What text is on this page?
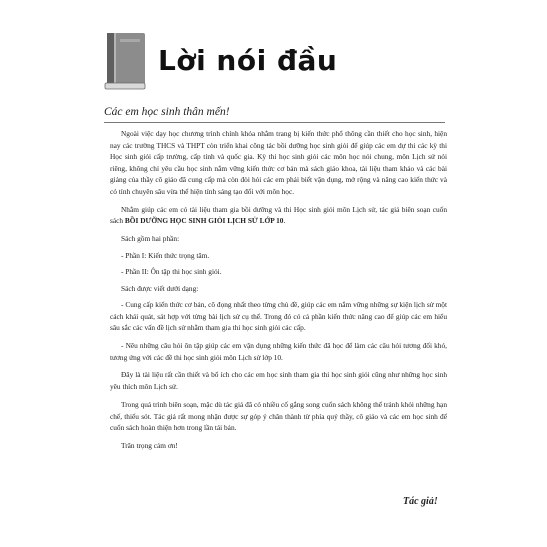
Lời nói đầu
Các em học sinh thân mến!

Ngoài việc dạy học chương trình chính khóa nhằm trang bị kiến thức phổ thông cần thiết cho học sinh, hiện nay các trường THCS và THPT còn triển khai công tác bồi dưỡng học sinh giỏi để giúp các em dự thi các kỳ thi Học sinh giỏi cấp trường, cấp tỉnh và quốc gia. Kỳ thi học sinh giỏi các môn học nói chung, môn Lịch sử nói riêng, không chỉ yêu cầu học sinh nắm vững kiến thức cơ bản mà sách giáo khoa, tài liệu tham khảo và các bài giảng của thầy cô giáo đã cung cấp mà còn đòi hỏi các em phải biết vận dụng, mở rộng và nâng cao kiến thức và có tính chuyên sâu vừa thể hiện tính sáng tạo đối với môn học.

Nhằm giúp các em có tài liệu tham gia bồi dưỡng và thi Học sinh giỏi môn Lịch sử, tác giả biên soạn cuốn sách BỒI DƯỠNG HỌC SINH GIỎI LỊCH SỬ LỚP 10.

Sách gồm hai phần:

- Phần I: Kiến thức trọng tâm.

- Phần II: Ôn tập thi học sinh giỏi.

Sách được viết dưới dạng:

- Cung cấp kiến thức cơ bản, cô đọng nhất theo từng chủ đề, giúp các em nắm vững những sự kiện lịch sử một cách khái quát, sát hợp với từng bài lịch sử cụ thể. Trong đó có cả phần kiến thức nâng cao để giúp các em hiểu sâu sắc các vấn đề lịch sử nhằm tham gia thi học sinh giỏi các cấp.

- Nêu những câu hỏi ôn tập giúp các em vận dụng những kiến thức đã học để làm các câu hỏi tương đối khó, tương ứng với các đề thi học sinh giỏi môn Lịch sử lớp 10.

Đây là tài liệu rất cần thiết và bổ ích cho các em học sinh tham gia thi học sinh giỏi cũng như những học sinh yêu thích môn Lịch sử.

Trong quá trình biên soạn, mặc dù tác giả đã có nhiều cố gắng song cuốn sách không thể tránh khỏi những hạn chế, thiếu sót. Tác giả rất mong nhận được sự góp ý chân thành từ phía quý thầy, cô giáo và các em học sinh để cuốn sách hoàn thiện hơn trong lần tái bản.

Trân trọng cảm ơn!

Tác giả!
